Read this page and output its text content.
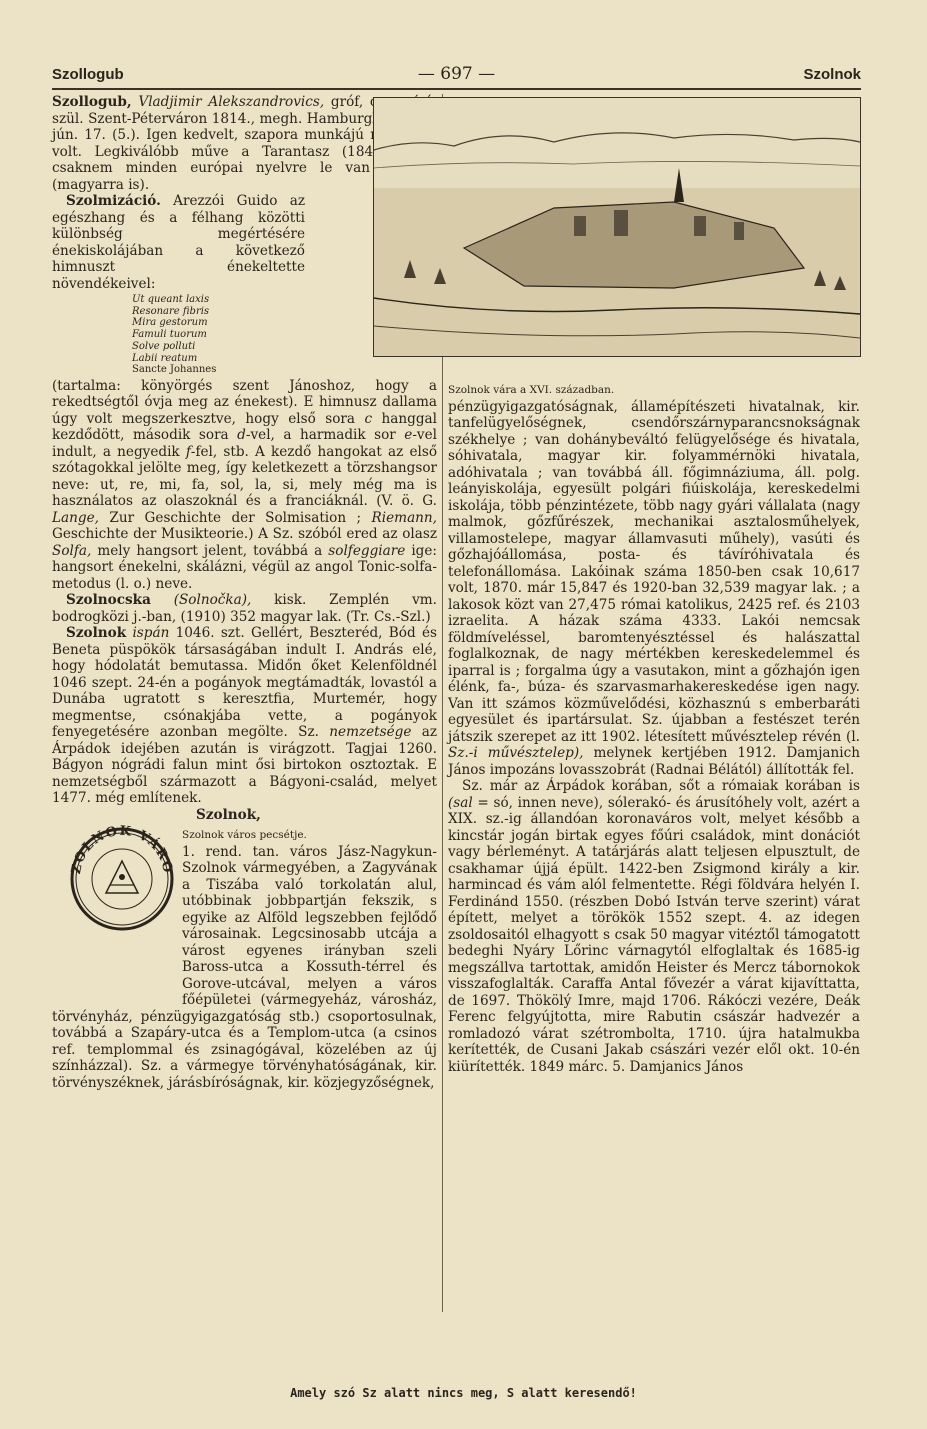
Szollogub	— 697 —	Szolnok

Szollogub, Vladjimir Alekszandrovics, gróf, orosz író, szül. Szent-Péterváron 1814., megh. Hamburgban 1882 jún. 17. (5.). Igen kedvelt, szapora munkájú regényíró volt. Legkiválóbb műve a Tarantasz (1845), mely csaknem minden európai nyelvre le van fordítva (magyarra is).

Szolmizáció. Arezzói Guido az egészhang és a félhang közötti különbség megértésére énekiskolájában a következő himnuszt énekeltette növendékeivel:

Ut queant laxis
Resonare fibris
Mira gestorum
Famuli tuorum
Solve polluti
Labii reatum
Sancte Johannes

(tartalma: könyörgés szent Jánoshoz, hogy a rekedtségtől óvja meg az énekest). E himnusz dallama úgy volt megszerkesztve, hogy első sora c hanggal kezdődött, második sora d-vel, a harmadik sor e-vel indult, a negyedik f-fel, stb. A kezdő hangokat az első szótagokkal jelölte meg, így keletkezett a törzshangsor neve: ut, re, mi, fa, sol, la, si, mely még ma is használatos az olaszoknál és a franciáknál. (V. ö. G. Lange, Zur Geschichte der Solmisation ; Riemann, Geschichte der Musikteorie.) A Sz. szóból ered az olasz Solfa, mely hangsort jelent, továbbá a solfeggiare ige: hangsort énekelni, skálázni, végül az angol Tonic-solfa-metodus (l. o.) neve.

Szolnocska (Solnočka), kisk. Zemplén vm. bodrogközi j.-ban, (1910) 352 magyar lak. (Tr. Cs.-Szl.)

Szolnok ispán 1046. szt. Gellért, Beszteréd, Bód és Beneta püspökök társaságában indult I. András elé, hogy hódolatát bemutassa. Midőn őket Kelenföldnél 1046 szept. 24-én a pogányok megtámadták, lovastól a Dunába ugratott s keresztfia, Murtemér, hogy megmentse, csónakjába vette, a pogányok fenyegetésére azonban megölte. Sz. nemzetsége az Árpádok idejében azután is virágzott. Tagjai 1260. Bágyon nógrádi falun mint ősi birtokon osztoztak. E nemzetségből származott a Bágyoni-család, melyet 1477. még említenek.

Szolnok,
ZOLNOK VÁRO

Szolnok város pecsétje.
1. rend. tan. város Jász-Nagykun-Szolnok vármegyében, a Zagyvának a Tiszába való torkolatán alul, utóbbinak jobbpartján fekszik, s egyike az Alföld legszebben fejlődő városainak. Legcsinosabb utcája a várost egyenes irányban szeli Baross-utca a Kossuth-térrel és Gorove-utcával, melyen a város főépületei (vármegyeház, városház, törvényház, pénzügyigazgatóság stb.) csoportosulnak, továbbá a Szapáry-utca és a Templom-utca (a csinos ref. templommal és zsinagógával, közelében az új színházzal). Sz. a vármegye törvényhatóságának, kir. törvényszéknek, járásbíróságnak, kir. közjegyzőségnek,

Szolnok vára a XVI. században.
pénzügyigazgatóságnak, államépítészeti hivatalnak, kir. tanfelügyelőségnek, csendőrszárnyparancsnokságnak székhelye ; van dohánybeváltó felügyelősége és hivatala, sóhivatala, magyar kir. folyammérnöki hivatala, adóhivatala ; van továbbá áll. főgimnáziuma, áll. polg. leányiskolája, egyesült polgári fiúiskolája, kereskedelmi iskolája, több pénzintézete, több nagy gyári vállalata (nagy malmok, gőzfűrészek, mechanikai asztalosműhelyek, villamostelepe, magyar államvasuti műhely), vasúti és gőzhajóállomása, posta- és távíróhivatala és telefonállomása. Lakóinak száma 1850-ben csak 10,617 volt, 1870. már 15,847 és 1920-ban 32,539 magyar lak. ; a lakosok közt van 27,475 római katolikus, 2425 ref. és 2103 izraelita. A házak száma 4333. Lakói nemcsak földmíveléssel, baromtenyésztéssel és halászattal foglalkoznak, de nagy mértékben kereskedelemmel és iparral is ; forgalma úgy a vasutakon, mint a gőzhajón igen élénk, fa-, búza- és szarvasmarhakereskedése igen nagy. Van itt számos közművelődési, közhasznú s emberbaráti egyesület és ipartársulat. Sz. újabban a festészet terén játszik szerepet az itt 1902. létesített művésztelep révén (l. Sz.-i művésztelep), melynek kertjében 1912. Damjanich János impozáns lovasszobrát (Radnai Bélától) állították fel.

Sz. már az Árpádok korában, sőt a rómaiak korában is (sal = só, innen neve), sólerakó- és árusítóhely volt, azért a XIX. sz.-ig állandóan koronaváros volt, melyet később a kincstár jogán birtak egyes főúri családok, mint donációt vagy bérleményt. A tatárjárás alatt teljesen elpusztult, de csakhamar újjá épült. 1422-ben Zsigmond király a kir. harmincad és vám alól felmentette. Régi földvára helyén I. Ferdinánd 1550. (részben Dobó István terve szerint) várat épített, melyet a törökök 1552 szept. 4. az idegen zsoldosaitól elhagyott s csak 50 magyar vitéztől támogatott bedeghi Nyáry Lőrinc várnagytól elfoglaltak és 1685-ig megszállva tartottak, amidőn Heister és Mercz tábornokok visszafoglalták. Caraffa Antal fővezér a várat kijavíttatta, de 1697. Thökölý Imre, majd 1706. Rákóczi vezére, Deák Ferenc felgyújtotta, mire Rabutin császár hadvezér a romladozó várat szétrombolta, 1710. újra hatalmukba kerítették, de Cusani Jakab császári vezér elől okt. 10-én kiürítették. 1849 márc. 5. Damjanics János

Amely szó Sz alatt nincs meg, S alatt keresendő!
